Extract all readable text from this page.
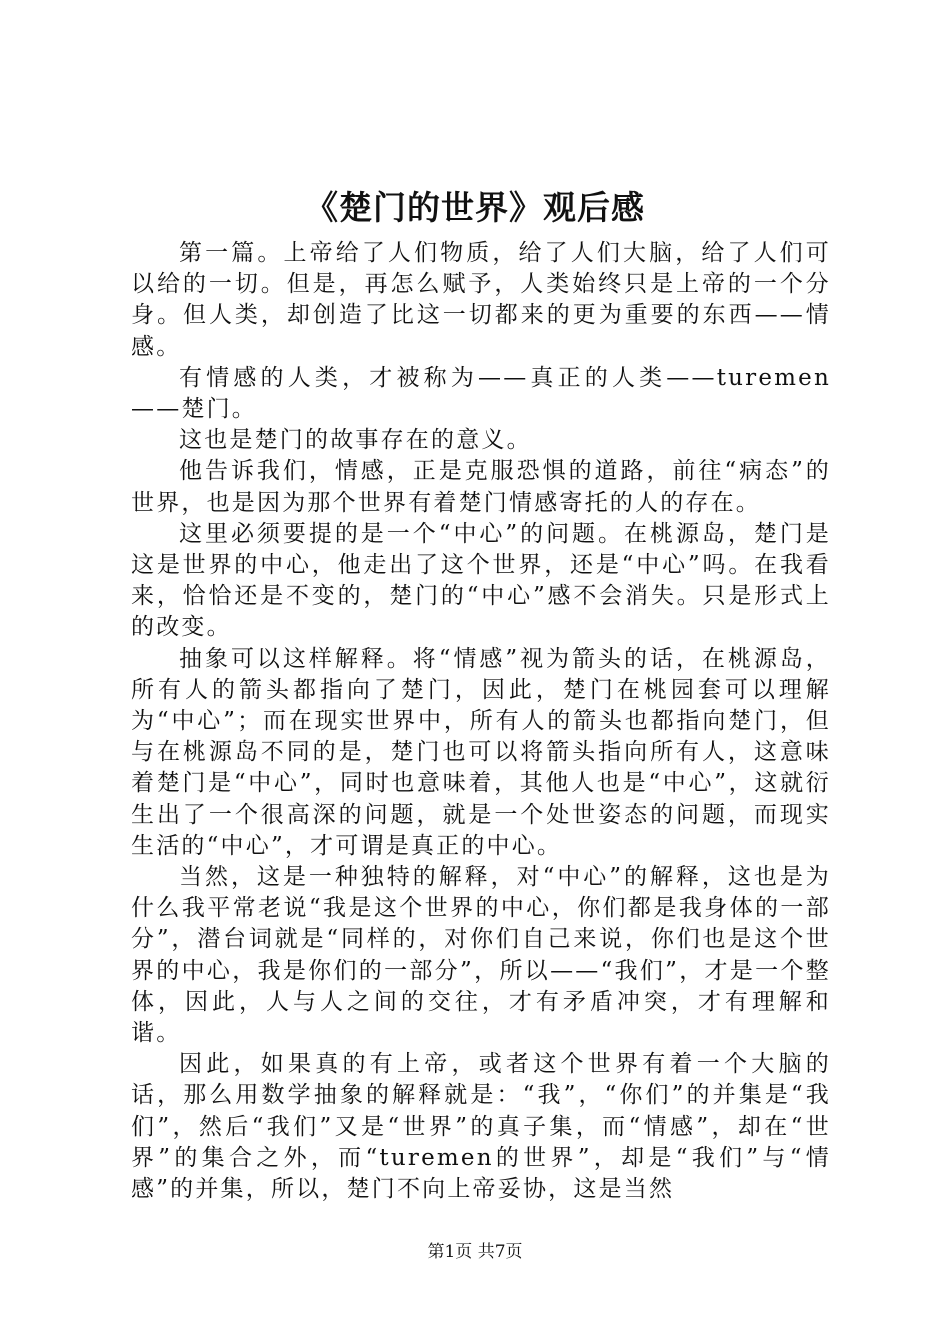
《楚门的世界》观后感

第一篇。上帝给了人们物质，给了人们大脑，给了人们可以给的一切。但是，再怎么赋予，人类始终只是上帝的一个分身。但人类，却创造了比这一切都来的更为重要的东西——情感。

有情感的人类，才被称为——真正的人类——turemen——楚门。

这也是楚门的故事存在的意义。

他告诉我们，情感，正是克服恐惧的道路，前往“病态”的世界，也是因为那个世界有着楚门情感寄托的人的存在。

这里必须要提的是一个“中心”的问题。在桃源岛，楚门是这是世界的中心，他走出了这个世界，还是“中心”吗。在我看来，恰恰还是不变的，楚门的“中心”感不会消失。只是形式上的改变。

抽象可以这样解释。将“情感”视为箭头的话，在桃源岛，所有人的箭头都指向了楚门，因此，楚门在桃园套可以理解为“中心”；而在现实世界中，所有人的箭头也都指向楚门，但与在桃源岛不同的是，楚门也可以将箭头指向所有人，这意味着楚门是“中心”，同时也意味着，其他人也是“中心”，这就衍生出了一个很高深的问题，就是一个处世姿态的问题，而现实生活的“中心”，才可谓是真正的中心。

当然，这是一种独特的解释，对“中心”的解释，这也是为什么我平常老说“我是这个世界的中心，你们都是我身体的一部分”，潜台词就是“同样的，对你们自己来说，你们也是这个世界的中心，我是你们的一部分”，所以——“我们”，才是一个整体，因此，人与人之间的交往，才有矛盾冲突，才有理解和谐。

因此，如果真的有上帝，或者这个世界有着一个大脑的话，那么用数学抽象的解释就是：“我”，“你们”的并集是“我们”，然后“我们”又是“世界”的真子集，而“情感”，却在“世界”的集合之外，而“turemen的世界”，却是“我们”与“情感”的并集，所以，楚门不向上帝妥协，这是当然

第1页 共7页
